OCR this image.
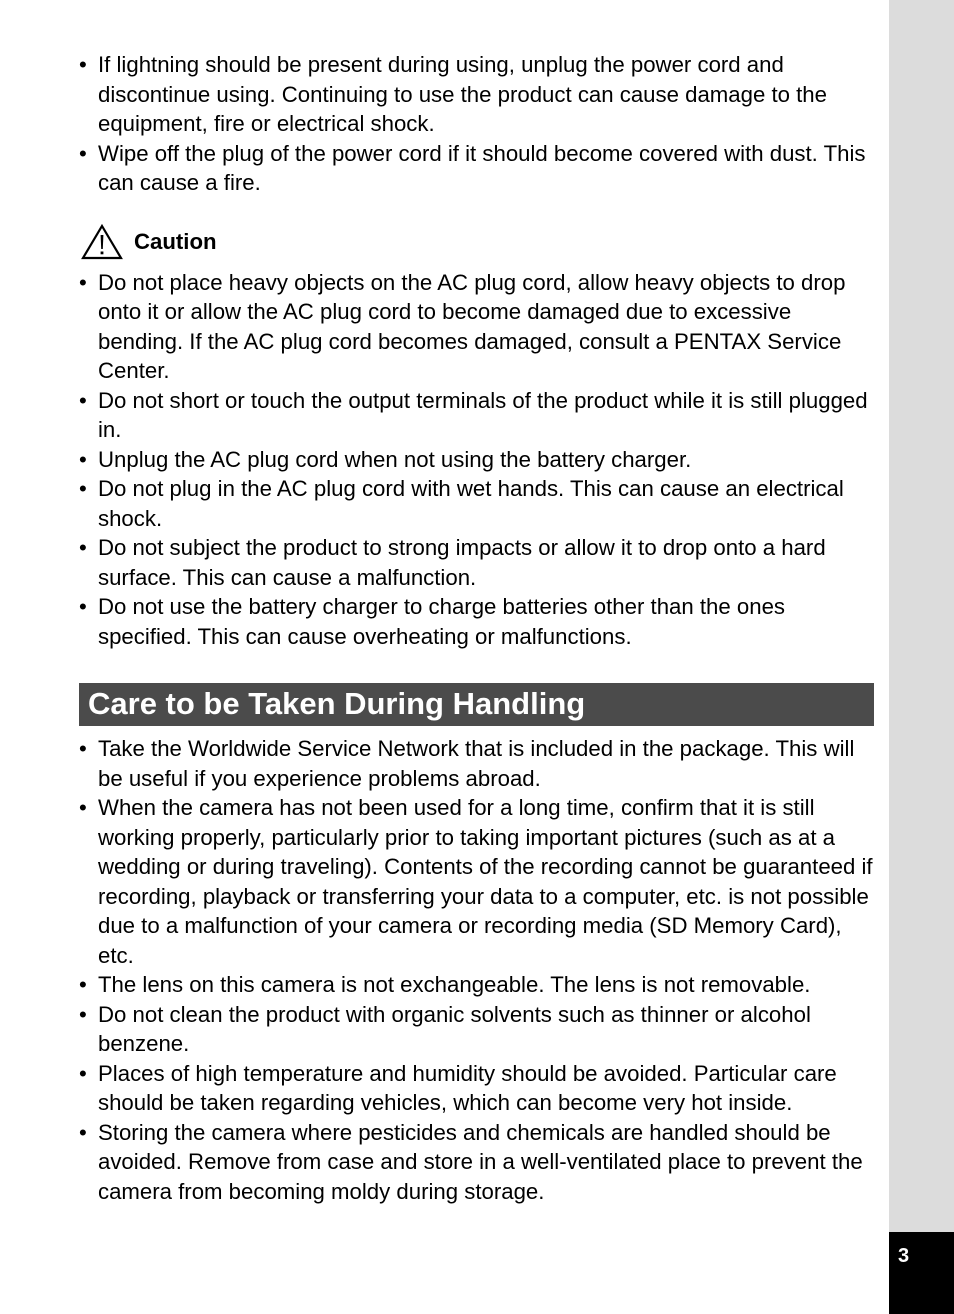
3
• If lightning should be present during using, unplug the power cord and discontinue using. Continuing to use the product can cause damage to the equipment, fire or electrical shock.
• Wipe off the plug of the power cord if it should become covered with dust. This can cause a fire.
Caution
• Do not place heavy objects on the AC plug cord, allow heavy objects to drop onto it or allow the AC plug cord to become damaged due to excessive bending. If the AC plug cord becomes damaged, consult a PENTAX Service Center.
• Do not short or touch the output terminals of the product while it is still plugged in.
• Unplug the AC plug cord when not using the battery charger.
• Do not plug in the AC plug cord with wet hands. This can cause an electrical shock.
• Do not subject the product to strong impacts or allow it to drop onto a hard surface. This can cause a malfunction.
• Do not use the battery charger to charge batteries other than the ones specified. This can cause overheating or malfunctions.
Care to be Taken During Handling
• Take the Worldwide Service Network that is included in the package. This will be useful if you experience problems abroad.
• When the camera has not been used for a long time, confirm that it is still working properly, particularly prior to taking important pictures (such as at a wedding or during traveling). Contents of the recording cannot be guaranteed if recording, playback or transferring your data to a computer, etc. is not possible due to a malfunction of your camera or recording media (SD Memory Card), etc.
• The lens on this camera is not exchangeable. The lens is not removable.
• Do not clean the product with organic solvents such as thinner or alcohol benzene.
• Places of high temperature and humidity should be avoided. Particular care should be taken regarding vehicles, which can become very hot inside.
• Storing the camera where pesticides and chemicals are handled should be avoided. Remove from case and store in a well-ventilated place to prevent the camera from becoming moldy during storage.
